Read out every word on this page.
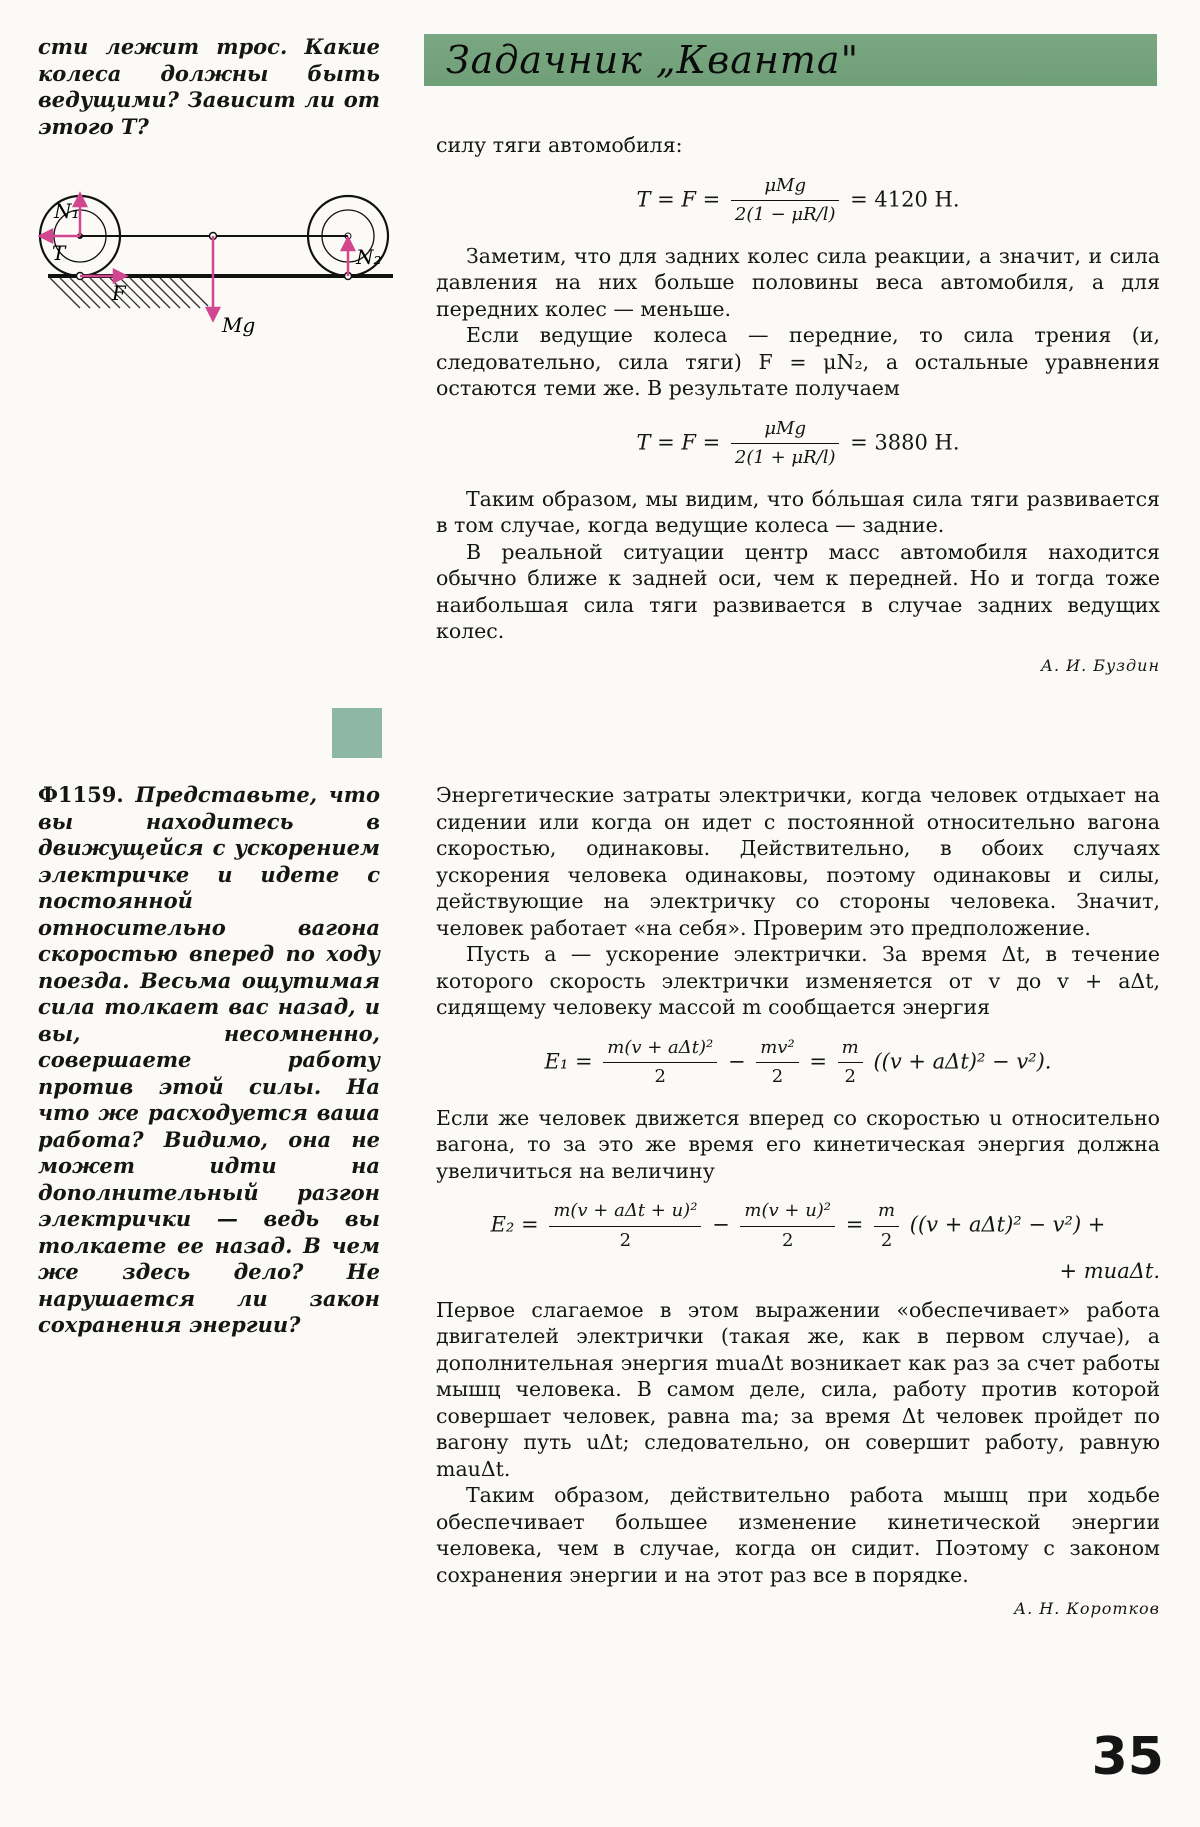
Задачник „Кванта"
сти лежит трос. Какие колеса должны быть ведущими? Зависит ли от этого T?
N₁
T
F
Mg
N₂

силу тяги автомобиля:

$T = F = \frac{\text{μMg}}{2(1 - \mu R/l)} = 4120$ Н.

Заметим, что для задних колес сила реакции, а значит, и сила давления на них больше половины веса автомобиля, а для передних колес — меньше.

Если ведущие колеса — передние, то сила трения (и, следовательно, сила тяги) F = μN₂, а остальные уравнения остаются теми же. В результате получаем

$T = F = \frac{\text{μMg}}{2(1 + \mu R/l)} = 3880$ Н.

Таким образом, мы видим, что бо́льшая сила тяги развивается в том случае, когда ведущие колеса — задние.

В реальной ситуации центр масс автомобиля находится обычно ближе к задней оси, чем к передней. Но и тогда тоже наибольшая сила тяги развивается в случае задних ведущих колес.

А. И. Буздин
Ф1159. Представьте, что вы находитесь в движущейся с ускорением электричке и идете с постоянной относительно вагона скоростью вперед по ходу поезда. Весьма ощутимая сила толкает вас назад, и вы, несомненно, совершаете работу против этой силы. На что же расходуется ваша работа? Видимо, она не может идти на дополнительный разгон электрички — ведь вы толкаете ее назад. В чем же здесь дело? Не нарушается ли закон сохранения энергии?

Энергетические затраты электрички, когда человек отдыхает на сидении или когда он идет с постоянной относительно вагона скоростью, одинаковы. Действительно, в обоих случаях ускорения человека одинаковы, поэтому одинаковы и силы, действующие на электричку со стороны человека. Значит, человек работает «на себя». Проверим это предположение.

Пусть a — ускорение электрички. За время Δt, в течение которого скорость электрички изменяется от v до v + aΔt, сидящему человеку массой m сообщается энергия

$E_1 = \frac{\text{m(v + aΔt)²}}{2} - \frac{\text{mv²}}{2} = \frac{m}{2} ((v + a\Delta t)^2 - v^2)$.

Если же человек движется вперед со скоростью u относительно вагона, то за это же время его кинетическая энергия должна увеличиться на величину

$E_2 = \frac{\text{m(v + aΔt + u)²}}{2} - \frac{\text{m(v + u)²}}{2} = \frac{m}{2} ((v + a\Delta t)^2 - v^2)$ +
+ muaΔt.

Первое слагаемое в этом выражении «обеспечивает» работа двигателей электрички (такая же, как в первом случае), а дополнительная энергия muaΔt возникает как раз за счет работы мышц человека. В самом деле, сила, работу против которой совершает человек, равна ma; за время Δt человек пройдет по вагону путь uΔt; следовательно, он совершит работу, равную mauΔt.

Таким образом, действительно работа мышц при ходьбе обеспечивает большее изменение кинетической энергии человека, чем в случае, когда он сидит. Поэтому с законом сохранения энергии и на этот раз все в порядке.

А. Н. Коротков
35
